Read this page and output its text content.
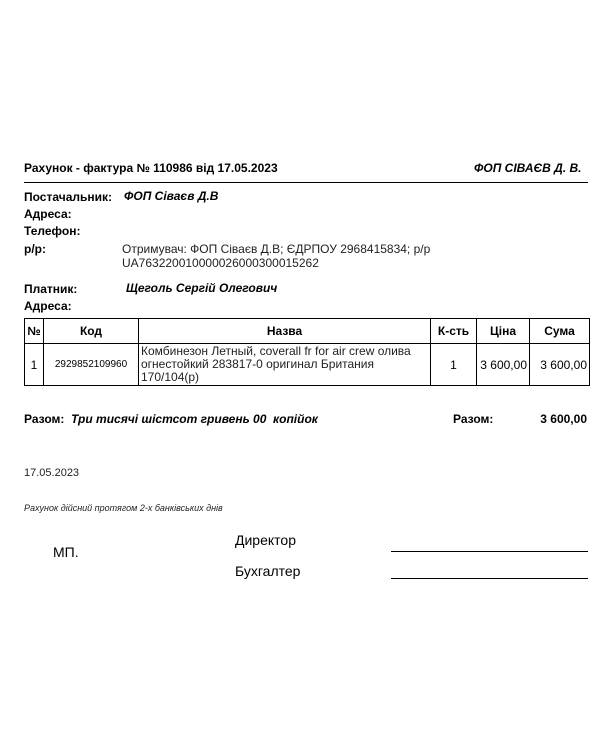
Рахунок - фактура № 110986 від 17.05.2023	ФОП СІВАЄВ Д. В.
Постачальник: ФОП Сіваєв Д.В
Адреса:
Телефон:
р/р:	Отримувач: ФОП Сіваєв Д.В; ЄДРПОУ 2968415834; р/р
UA763220010000026000300015262
Платник:	Щеголь Сергій Олегович
Адреса:
№	Код	Назва	К-сть	Ціна	Сума
1	2929852109960	Комбинезон Летный, coverall fr for air crew олива огнестойкий 283817-0 оригинал Британия 170/104(р)	1	3 600,00	3 600,00
Разом: Три тисячі шістсот гривень 00  копійок	Разом:	3 600,00
17.05.2023
Рахунок дійсний протягом 2-х банківських днів
МП.
Директор
Бухгалтер
